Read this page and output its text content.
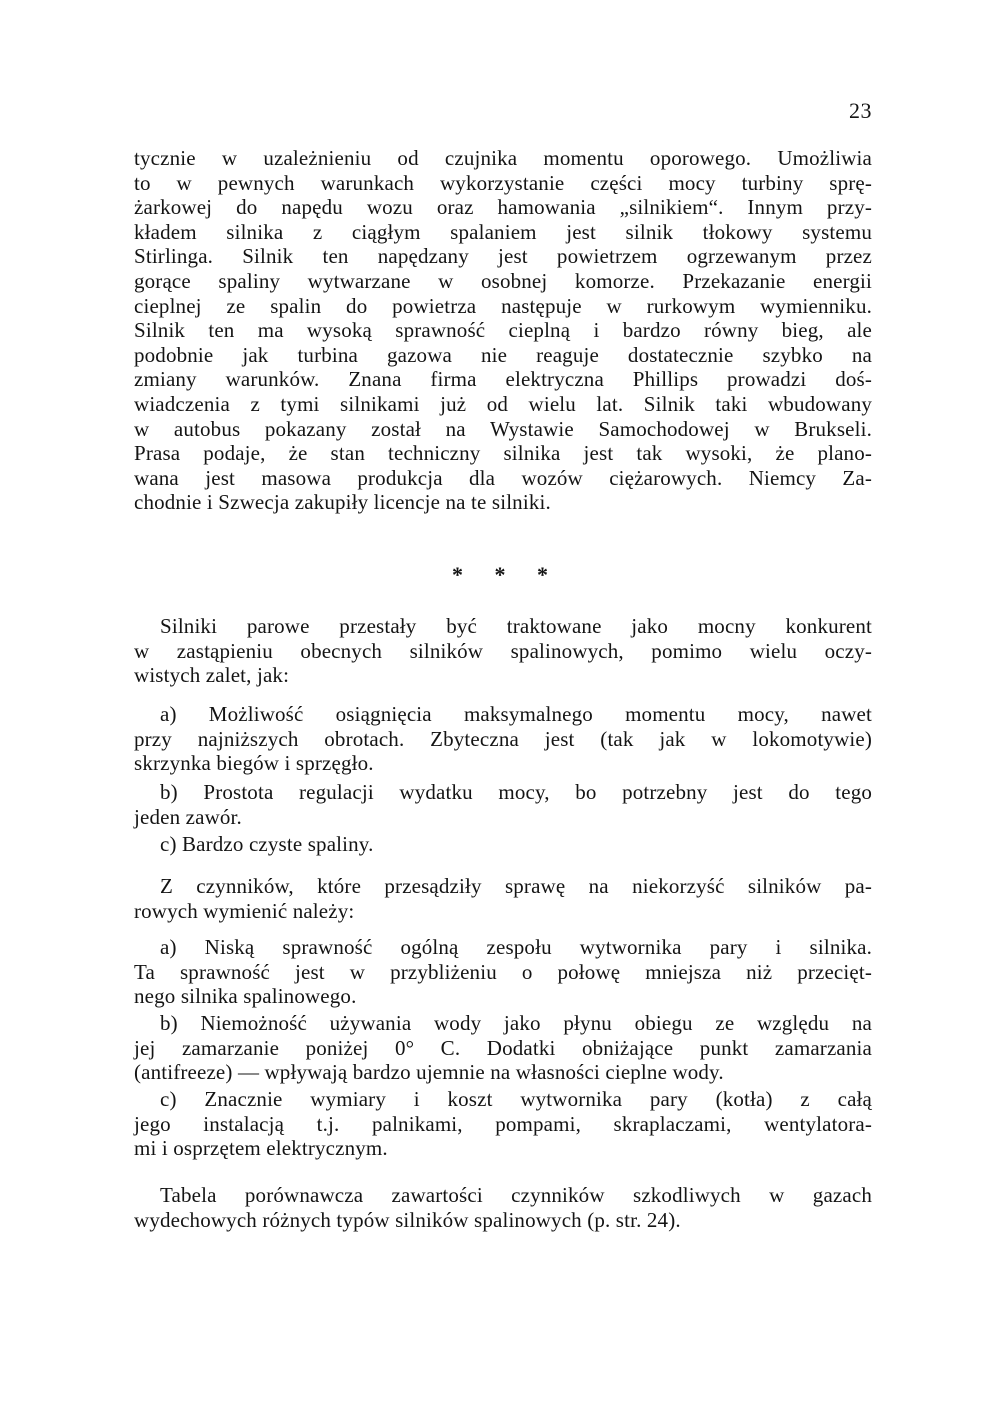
23
tycznie w uzależnieniu od czujnika momentu oporowego. Umożliwia
to w pewnych warunkach wykorzystanie części mocy turbiny sprę-
żarkowej do napędu wozu oraz hamowania „silnikiem“. Innym przy-
kładem silnika z ciągłym spalaniem jest silnik tłokowy systemu
Stirlinga. Silnik ten napędzany jest powietrzem ogrzewanym przez
gorące spaliny wytwarzane w osobnej komorze. Przekazanie energii
cieplnej ze spalin do powietrza następuje w rurkowym wymienniku.
Silnik ten ma wysoką sprawność cieplną i bardzo równy bieg, ale
podobnie jak turbina gazowa nie reaguje dostatecznie szybko na
zmiany warunków. Znana firma elektryczna Phillips prowadzi doś-
wiadczenia z tymi silnikami już od wielu lat. Silnik taki wbudowany
w autobus pokazany został na Wystawie Samochodowej w Brukseli.
Prasa podaje, że stan techniczny silnika jest tak wysoki, że plano-
wana jest masowa produkcja dla wozów ciężarowych. Niemcy Za-
chodnie i Szwecja zakupiły licencje na te silniki.
* * *
Silniki parowe przestały być traktowane jako mocny konkurent
w zastąpieniu obecnych silników spalinowych, pomimo wielu oczy-
wistych zalet, jak:
a) Możliwość osiągnięcia maksymalnego momentu mocy, nawet
przy najniższych obrotach. Zbyteczna jest (tak jak w lokomotywie)
skrzynka biegów i sprzęgło.
b) Prostota regulacji wydatku mocy, bo potrzebny jest do tego
jeden zawór.
c) Bardzo czyste spaliny.
Z czynników, które przesądziły sprawę na niekorzyść silników pa-
rowych wymienić należy:
a) Niską sprawność ogólną zespołu wytwornika pary i silnika.
Ta sprawność jest w przybliżeniu o połowę mniejsza niż przecięt-
nego silnika spalinowego.
b) Niemożność używania wody jako płynu obiegu ze względu na
jej zamarzanie poniżej 0° C. Dodatki obniżające punkt zamarzania
(antifreeze) — wpływają bardzo ujemnie na własności cieplne wody.
c) Znacznie wymiary i koszt wytwornika pary (kotła) z całą
jego instalacją t.j. palnikami, pompami, skraplaczami, wentylatora-
mi i osprzętem elektrycznym.
Tabela porównawcza zawartości czynników szkodliwych w gazach
wydechowych różnych typów silników spalinowych (p. str. 24).
